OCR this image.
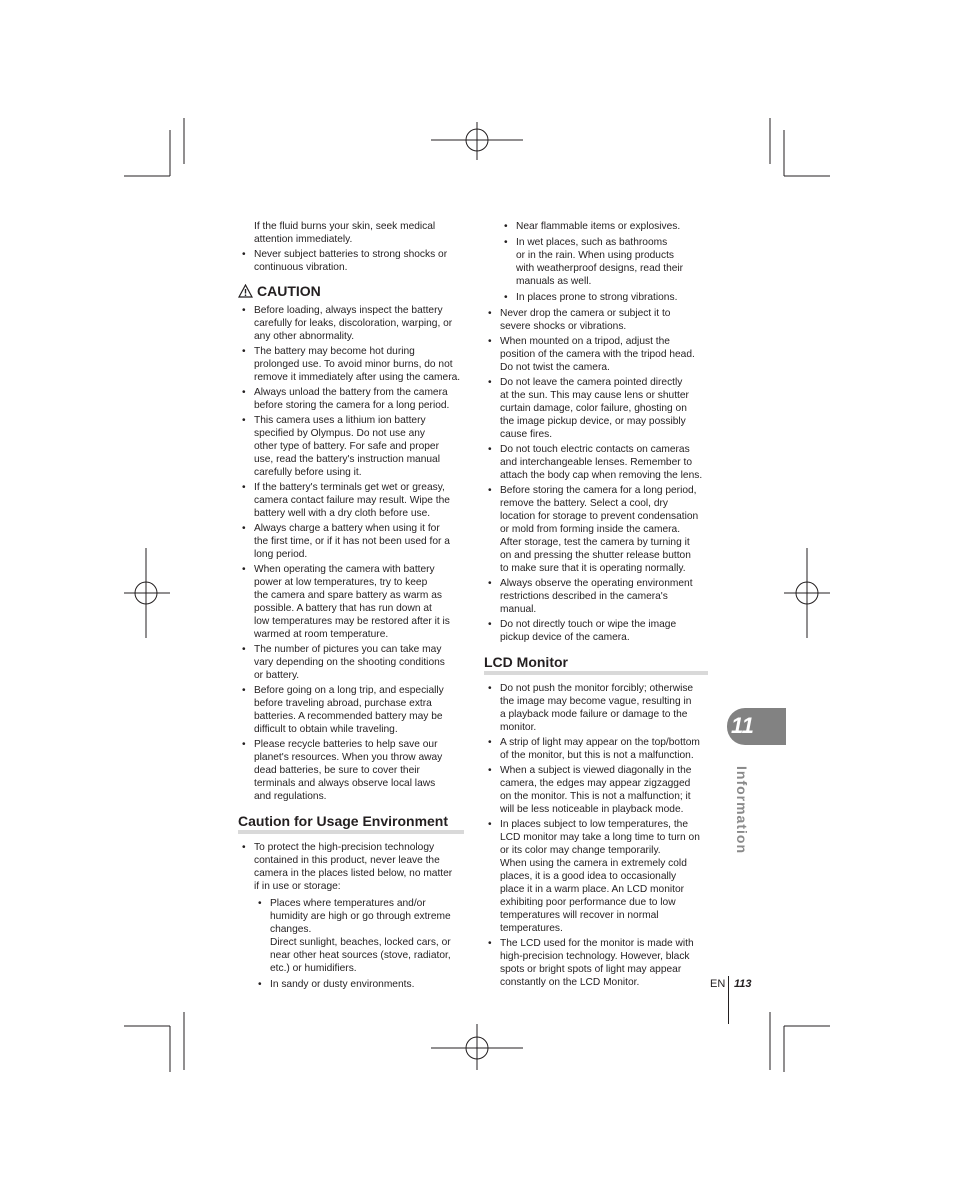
If the fluid burns your skin, seek medical
attention immediately.
• Never subject batteries to strong shocks or
continuous vibration.
CAUTION
• Before loading, always inspect the battery
carefully for leaks, discoloration, warping, or
any other abnormality.
• The battery may become hot during
prolonged use. To avoid minor burns, do not
remove it immediately after using the camera.
• Always unload the battery from the camera
before storing the camera for a long period.
• This camera uses a lithium ion battery
specified by Olympus. Do not use any
other type of battery. For safe and proper
use, read the battery's instruction manual
carefully before using it.
• If the battery's terminals get wet or greasy,
camera contact failure may result. Wipe the
battery well with a dry cloth before use.
• Always charge a battery when using it for
the first time, or if it has not been used for a
long period.
• When operating the camera with battery
power at low temperatures, try to keep
the camera and spare battery as warm as
possible. A battery that has run down at
low temperatures may be restored after it is
warmed at room temperature.
• The number of pictures you can take may
vary depending on the shooting conditions
or battery.
• Before going on a long trip, and especially
before traveling abroad, purchase extra
batteries. A recommended battery may be
difficult to obtain while traveling.
• Please recycle batteries to help save our
planet's resources. When you throw away
dead batteries, be sure to cover their
terminals and always observe local laws
and regulations.
Caution for Usage Environment
• To protect the high-precision technology
contained in this product, never leave the
camera in the places listed below, no matter
if in use or storage:
• Places where temperatures and/or
humidity are high or go through extreme
changes.
Direct sunlight, beaches, locked cars, or
near other heat sources (stove, radiator,
etc.) or humidifiers.
• In sandy or dusty environments.
• Near flammable items or explosives.
• In wet places, such as bathrooms
or in the rain. When using products
with weatherproof designs, read their
manuals as well.
• In places prone to strong vibrations.
• Never drop the camera or subject it to
severe shocks or vibrations.
• When mounted on a tripod, adjust the
position of the camera with the tripod head.
Do not twist the camera.
• Do not leave the camera pointed directly
at the sun. This may cause lens or shutter
curtain damage, color failure, ghosting on
the image pickup device, or may possibly
cause fires.
• Do not touch electric contacts on cameras
and interchangeable lenses. Remember to
attach the body cap when removing the lens.
• Before storing the camera for a long period,
remove the battery. Select a cool, dry
location for storage to prevent condensation
or mold from forming inside the camera.
After storage, test the camera by turning it
on and pressing the shutter release button
to make sure that it is operating normally.
• Always observe the operating environment
restrictions described in the camera's
manual.
• Do not directly touch or wipe the image
pickup device of the camera.
LCD Monitor
• Do not push the monitor forcibly; otherwise
the image may become vague, resulting in
a playback mode failure or damage to the
monitor.
• A strip of light may appear on the top/bottom
of the monitor, but this is not a malfunction.
• When a subject is viewed diagonally in the
camera, the edges may appear zigzagged
on the monitor. This is not a malfunction; it
will be less noticeable in playback mode.
• In places subject to low temperatures, the
LCD monitor may take a long time to turn on
or its color may change temporarily.
When using the camera in extremely cold
places, it is a good idea to occasionally
place it in a warm place. An LCD monitor
exhibiting poor performance due to low
temperatures will recover in normal
temperatures.
• The LCD used for the monitor is made with
high-precision technology. However, black
spots or bright spots of light may appear
constantly on the LCD Monitor.
11
Information
EN 113
